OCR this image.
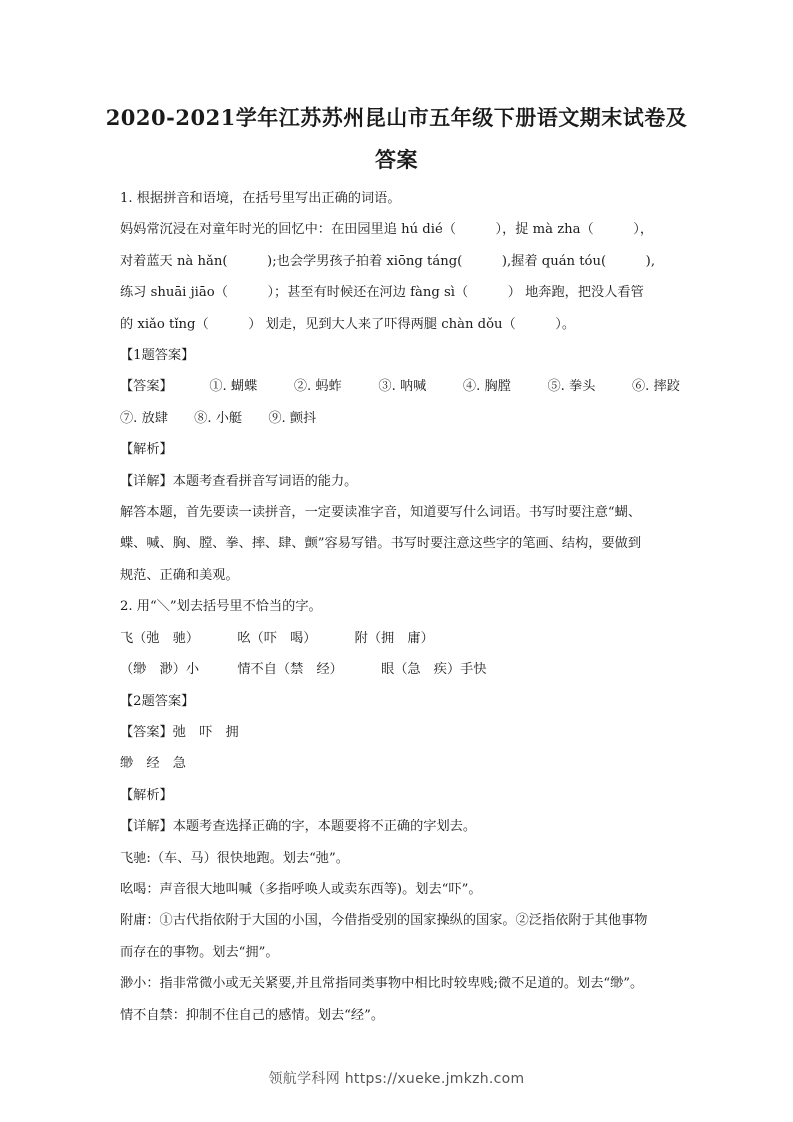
2020-2021学年江苏苏州昆山市五年级下册语文期末试卷及
答案

1. 根据拼音和语境，在括号里写出正确的词语。

妈妈常沉浸在对童年时光的回忆中：在田园里追 hú dié（　　　），捉 mà zha（　　　），

对着蓝天 nà hǎn(　　　);也会学男孩子拍着 xiōng táng(　　　),握着 quán tóu(　　　),

练习 shuāi jiāo（　　　）；甚至有时候还在河边 fàng sì（　　　） 地奔跑，把没人看管

的 xiǎo tǐng（　　　） 划走，见到大人来了吓得两腿 chàn dǒu（　　　）。

【1题答案】

【答案】	①. 蝴蝶	②. 蚂蚱	③. 呐喊	④. 胸膛	⑤. 拳头	⑥. 摔跤

⑦. 放肆 ⑧. 小艇 ⑨. 颤抖

【解析】

【详解】本题考查看拼音写词语的能力。

解答本题，首先要读一读拼音，一定要读准字音，知道要写什么词语。书写时要注意“蝴、

蝶、喊、胸、膛、拳、摔、肆、颤”容易写错。书写时要注意这些字的笔画、结构，要做到

规范、正确和美观。

2. 用“＼”划去括号里不恰当的字。

飞（弛　驰）	吆（吓　喝）	附（拥　庸）

（缈　渺）小	情不自（禁　经）	眼（急　疾）手快

【2题答案】

【答案】弛　吓　拥

缈　经　急

【解析】

【详解】本题考查选择正确的字，本题要将不正确的字划去。

飞驰:（车、马）很快地跑。划去“弛”。

吆喝：声音很大地叫喊（多指呼唤人或卖东西等)。划去“吓”。

附庸：①古代指依附于大国的小国，今借指受别的国家操纵的国家。②泛指依附于其他事物

而存在的事物。划去“拥”。

渺小：指非常微小或无关紧要,并且常指同类事物中相比时较卑贱;微不足道的。划去“缈”。

情不自禁：抑制不住自己的感情。划去“经”。

领航学科网 https://xueke.jmkzh.com
